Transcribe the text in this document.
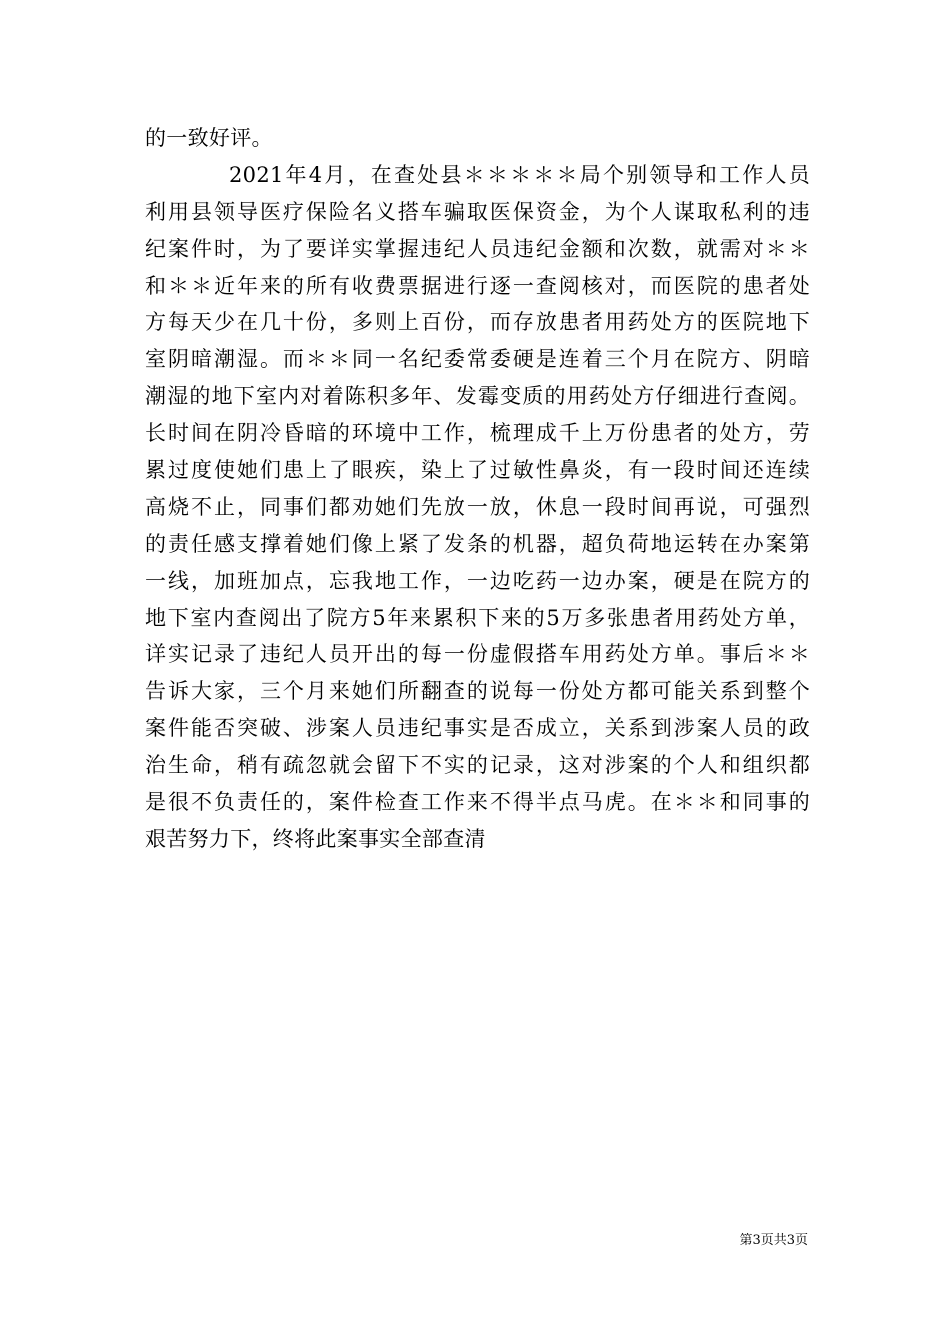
的一致好评。
2021年4月，在查处县＊＊＊＊＊局个别领导和工作人员
利用县领导医疗保险名义搭车骗取医保资金，为个人谋取私利的违
纪案件时，为了要详实掌握违纪人员违纪金额和次数，就需对＊＊
和＊＊近年来的所有收费票据进行逐一查阅核对，而医院的患者处
方每天少在几十份，多则上百份，而存放患者用药处方的医院地下
室阴暗潮湿。而＊＊同一名纪委常委硬是连着三个月在院方、阴暗
潮湿的地下室内对着陈积多年、发霉变质的用药处方仔细进行查阅。
长时间在阴冷昏暗的环境中工作，梳理成千上万份患者的处方，劳
累过度使她们患上了眼疾，染上了过敏性鼻炎，有一段时间还连续
高烧不止，同事们都劝她们先放一放，休息一段时间再说，可强烈
的责任感支撑着她们像上紧了发条的机器，超负荷地运转在办案第
一线，加班加点，忘我地工作，一边吃药一边办案，硬是在院方的
地下室内查阅出了院方5年来累积下来的5万多张患者用药处方单，
详实记录了违纪人员开出的每一份虚假搭车用药处方单。事后＊＊
告诉大家，三个月来她们所翻查的说每一份处方都可能关系到整个
案件能否突破、涉案人员违纪事实是否成立，关系到涉案人员的政
治生命，稍有疏忽就会留下不实的记录，这对涉案的个人和组织都
是很不负责任的，案件检查工作来不得半点马虎。在＊＊和同事的
艰苦努力下，终将此案事实全部查清
第3页共3页
